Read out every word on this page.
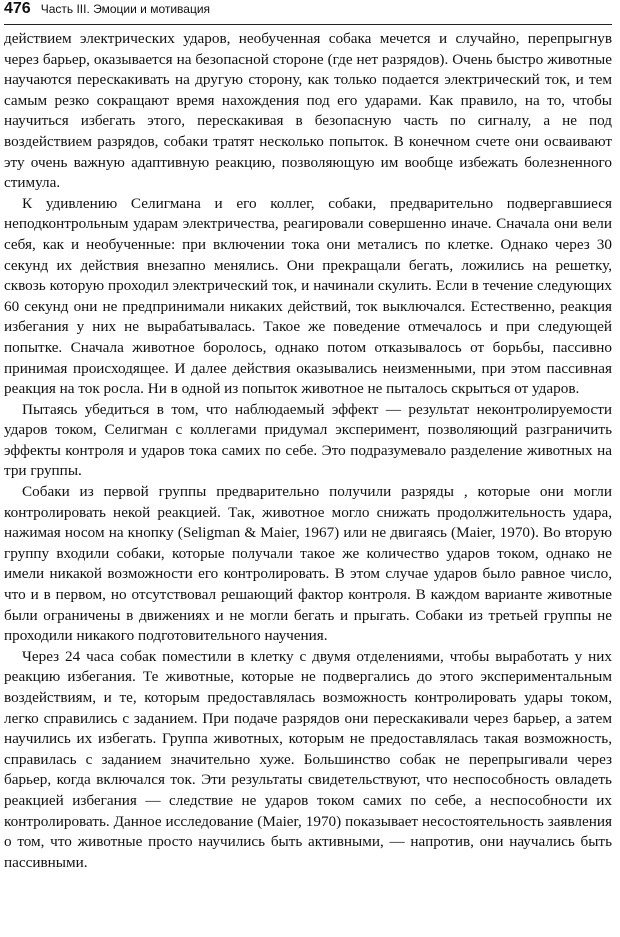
476 Часть III. Эмоции и мотивация

действием электрических ударов, необученная собака мечется и случайно, перепрыгнув через барьер, оказывается на безопасной стороне (где нет разрядов). Очень быстро животные научаются перескакивать на другую сторону, как только подается электрический ток, и тем самым резко сокращают время нахождения под его ударами. Как правило, на то, чтобы научиться избегать этого, перескакивая в безопасную часть по сигналу, а не под воздействием разрядов, собаки тратят несколько попыток. В конечном счете они осваивают эту очень важную адаптивную реакцию, позволяющую им вообще избежать болезненного стимула.

К удивлению Селигмана и его коллег, собаки, предварительно подвергавшиеся неподконтрольным ударам электричества, реагировали совершенно иначе. Сначала они вели себя, как и необученные: при включении тока они металисъ по клетке. Однако через 30 секунд их действия внезапно менялись. Они прекращали бегать, ложились на решетку, сквозь которую проходил электрический ток, и начинали скулить. Если в течение следующих 60 секунд они не предпринимали никаких действий, ток выключался. Естественно, реакция избегания у них не вырабатывалась. Такое же поведение отмечалось и при следующей попытке. Сначала животное боролось, однако потом отказывалось от борьбы, пассивно принимая происходящее. И далее действия оказывались неизменными, при этом пассивная реакция на ток росла. Ни в одной из попыток животное не пыталось скрыться от ударов.

Пытаясь убедиться в том, что наблюдаемый эффект — результат неконтролируемости ударов током, Селигман с коллегами придумал эксперимент, позволяющий разграничить эффекты контроля и ударов тока самих по себе. Это подразумевало разделение животных на три группы.

Собаки из первой группы предварительно получили разряды , которые они могли контролировать некой реакцией. Так, животное могло снижать продолжительность удара, нажимая носом на кнопку (Seligman & Maier, 1967) или не двигаясь (Maier, 1970). Во вторую группу входили собаки, которые получали такое же количество ударов током, однако не имели никакой возможности его контролировать. В этом случае ударов было равное число, что и в первом, но отсутствовал решающий фактор контроля. В каждом варианте животные были ограничены в движениях и не могли бегать и прыгать. Собаки из третьей группы не проходили никакого подготовительного научения.

Через 24 часа собак поместили в клетку с двумя отделениями, чтобы выработать у них реакцию избегания. Те животные, которые не подвергались до этого экспериментальным воздействиям, и те, которым предоставлялась возможность контролировать удары током, легко справились с заданием. При подаче разрядов они перескакивали через барьер, а затем научились их избегать. Группа животных, которым не предоставлялась такая возможность, справилась с заданием значительно хуже. Большинство собак не перепрыгивали через барьер, когда включался ток. Эти результаты свидетельствуют, что неспособность овладеть реакцией избегания — следствие не ударов током самих по себе, а неспособности их контролировать. Данное исследование (Maier, 1970) показывает несостоятельность заявления о том, что животные просто научились быть активными, — напротив, они научались быть пассивными.
